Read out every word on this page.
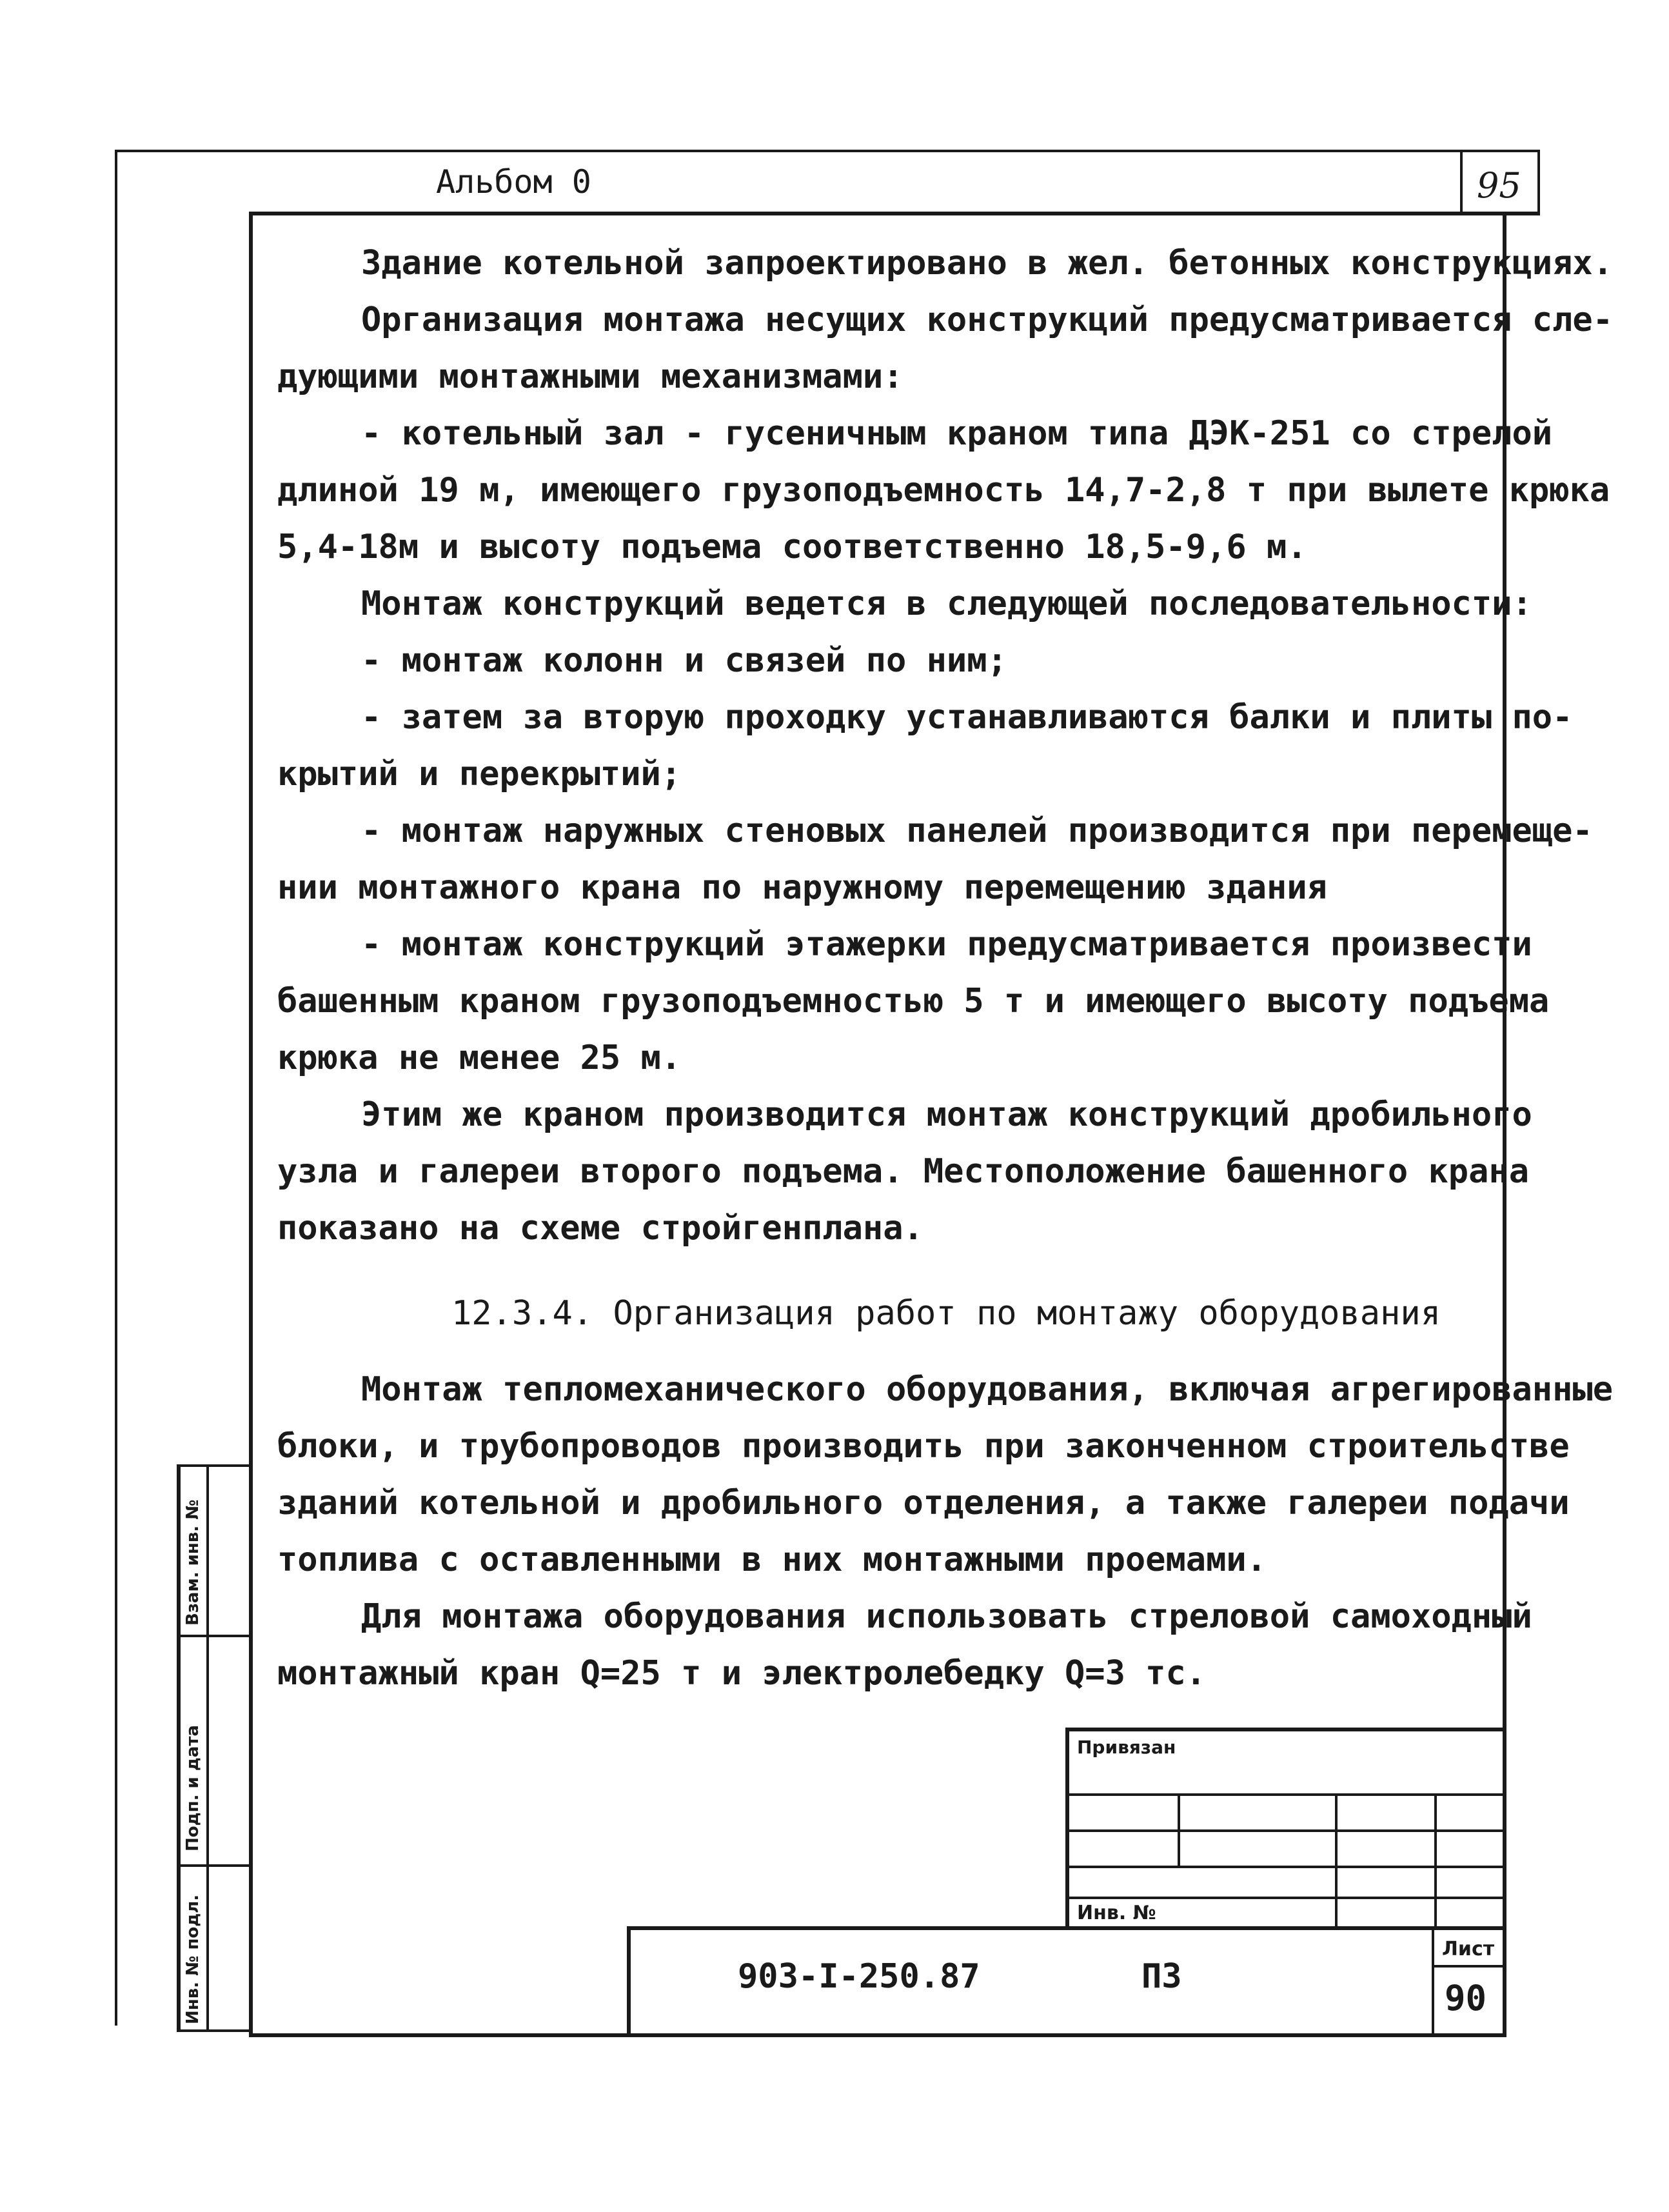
Альбом 0	95
Здание котельной запроектировано в жел. бетонных конструкциях.
Организация монтажа несущих конструкций предусматривается сле-
дующими монтажными механизмами:
- котельный зал - гусеничным краном типа ДЭК-251 со стрелой
длиной 19 м, имеющего грузоподъемность 14,7-2,8 т при вылете крюка
5,4-18м и высоту подъема соответственно 18,5-9,6 м.
Монтаж конструкций ведется в следующей последовательности:
- монтаж колонн и связей по ним;
- затем за вторую проходку устанавливаются балки и плиты по-
крытий и перекрытий;
- монтаж наружных стеновых панелей производится при перемеще-
нии монтажного крана по наружному перемещению здания
- монтаж конструкций этажерки предусматривается произвести
башенным краном грузоподъемностью 5 т и имеющего высоту подъема
крюка не менее 25 м.
Этим же краном производится монтаж конструкций дробильного
узла и галереи второго подъема. Местоположение башенного крана
показано на схеме стройгенплана.
12.3.4. Организация работ по монтажу оборудования
Монтаж тепломеханического оборудования, включая агрегированные
блоки, и трубопроводов производить при законченном строительстве
зданий котельной и дробильного отделения, а также галереи подачи
топлива с оставленными в них монтажными проемами.
Для монтажа оборудования использовать стреловой самоходный
монтажный кран Q=25 т и электролебедку Q=3 тс.
Привязан
Инв. №
903-I-250.87	ПЗ
Лист
90
Взам. инв. №
Подп. и дата
Инв. № подл.
